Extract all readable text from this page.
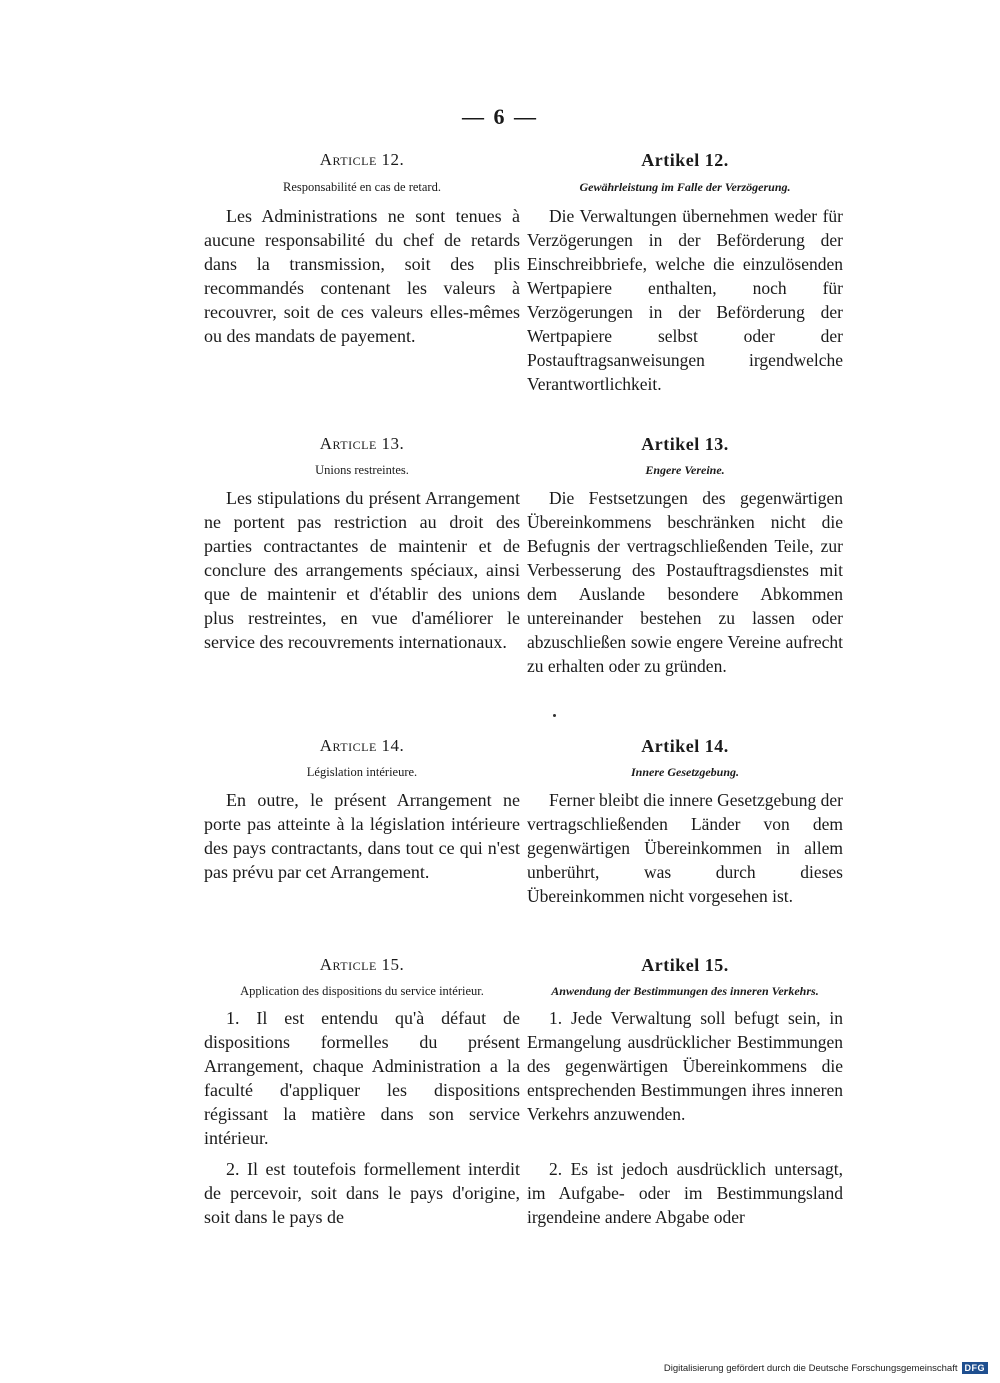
— 6 —
Article 12.
Responsabilité en cas de retard.
Les Administrations ne sont tenues à aucune responsabilité du chef de retards dans la transmission, soit des plis recommandés contenant les valeurs à recouvrer, soit de ces valeurs elles-mêmes ou des mandats de payement.
Article 13.
Unions restreintes.
Les stipulations du présent Arrangement ne portent pas restriction au droit des parties contractantes de maintenir et de conclure des arrangements spéciaux, ainsi que de maintenir et d'établir des unions plus restreintes, en vue d'améliorer le service des recouvrements internationaux.
Article 14.
Législation intérieure.
En outre, le présent Arrangement ne porte pas atteinte à la législation intérieure des pays contractants, dans tout ce qui n'est pas prévu par cet Arrangement.
Article 15.
Application des dispositions du service intérieur.
1. Il est entendu qu'à défaut de dispositions formelles du présent Arrangement, chaque Administration a la faculté d'appliquer les dispositions régissant la matière dans son service intérieur.
2. Il est toutefois formellement interdit de percevoir, soit dans le pays d'origine, soit dans le pays de
Artikel 12.
Gewährleistung im Falle der Verzögerung.
Die Verwaltungen übernehmen weder für Verzögerungen in der Beförderung der Einschreibbriefe, welche die einzulösenden Wertpapiere enthalten, noch für Verzögerungen in der Beförderung der Wertpapiere selbst oder der Postauftragsanweisungen irgendwelche Verantwortlichkeit.
Artikel 13.
Engere Vereine.
Die Festsetzungen des gegenwärtigen Übereinkommens beschränken nicht die Befugnis der vertragschließenden Teile, zur Verbesserung des Postauftragsdienstes mit dem Auslande besondere Abkommen untereinander bestehen zu lassen oder abzuschließen sowie engere Vereine aufrecht zu erhalten oder zu gründen.
Artikel 14.
Innere Gesetzgebung.
Ferner bleibt die innere Gesetzgebung der vertragschließenden Länder von dem gegenwärtigen Übereinkommen in allem unberührt, was durch dieses Übereinkommen nicht vorgesehen ist.
Artikel 15.
Anwendung der Bestimmungen des inneren Verkehrs.
1. Jede Verwaltung soll befugt sein, in Ermangelung ausdrücklicher Bestimmungen des gegenwärtigen Übereinkommens die entsprechenden Bestimmungen ihres inneren Verkehrs anzuwenden.
2. Es ist jedoch ausdrücklich untersagt, im Aufgabe- oder im Bestimmungsland irgendeine andere Abgabe oder
Digitalisierung gefördert durch die Deutsche Forschungsgemeinschaft DFG
